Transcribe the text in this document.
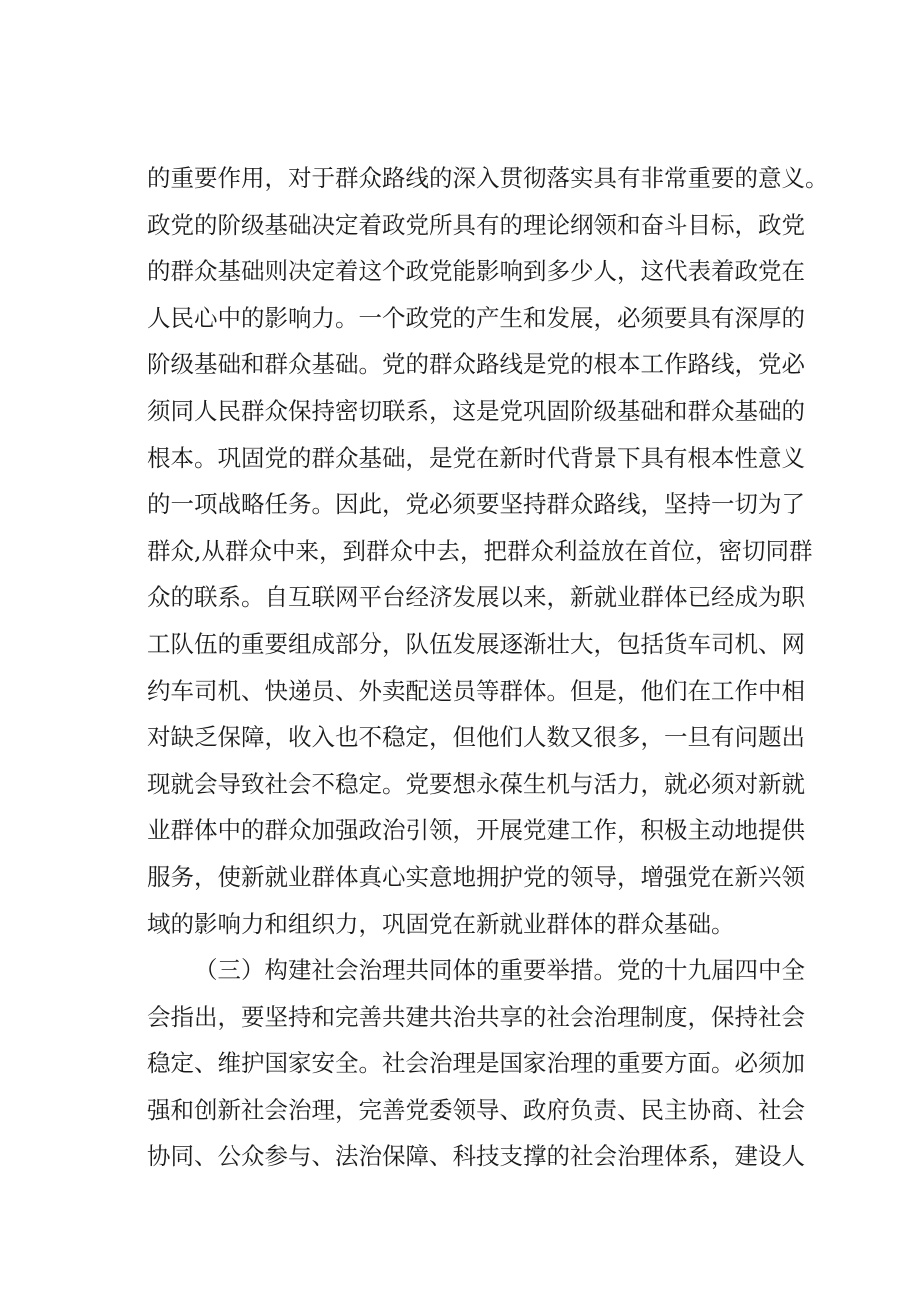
的重要作用，对于群众路线的深入贯彻落实具有非常重要的意义。
政党的阶级基础决定着政党所具有的理论纲领和奋斗目标，政党
的群众基础则决定着这个政党能影响到多少人，这代表着政党在
人民心中的影响力。一个政党的产生和发展，必须要具有深厚的
阶级基础和群众基础。党的群众路线是党的根本工作路线，党必
须同人民群众保持密切联系，这是党巩固阶级基础和群众基础的
根本。巩固党的群众基础，是党在新时代背景下具有根本性意义
的一项战略任务。因此，党必须要坚持群众路线，坚持一切为了
群众,从群众中来，到群众中去，把群众利益放在首位，密切同群
众的联系。自互联网平台经济发展以来，新就业群体已经成为职
工队伍的重要组成部分，队伍发展逐渐壮大，包括货车司机、网
约车司机、快递员、外卖配送员等群体。但是，他们在工作中相
对缺乏保障，收入也不稳定，但他们人数又很多，一旦有问题出
现就会导致社会不稳定。党要想永葆生机与活力，就必须对新就
业群体中的群众加强政治引领，开展党建工作，积极主动地提供
服务，使新就业群体真心实意地拥护党的领导，增强党在新兴领
域的影响力和组织力，巩固党在新就业群体的群众基础。
（三）构建社会治理共同体的重要举措。党的十九届四中全
会指出，要坚持和完善共建共治共享的社会治理制度，保持社会
稳定、维护国家安全。社会治理是国家治理的重要方面。必须加
强和创新社会治理，完善党委领导、政府负责、民主协商、社会
协同、公众参与、法治保障、科技支撑的社会治理体系，建设人
